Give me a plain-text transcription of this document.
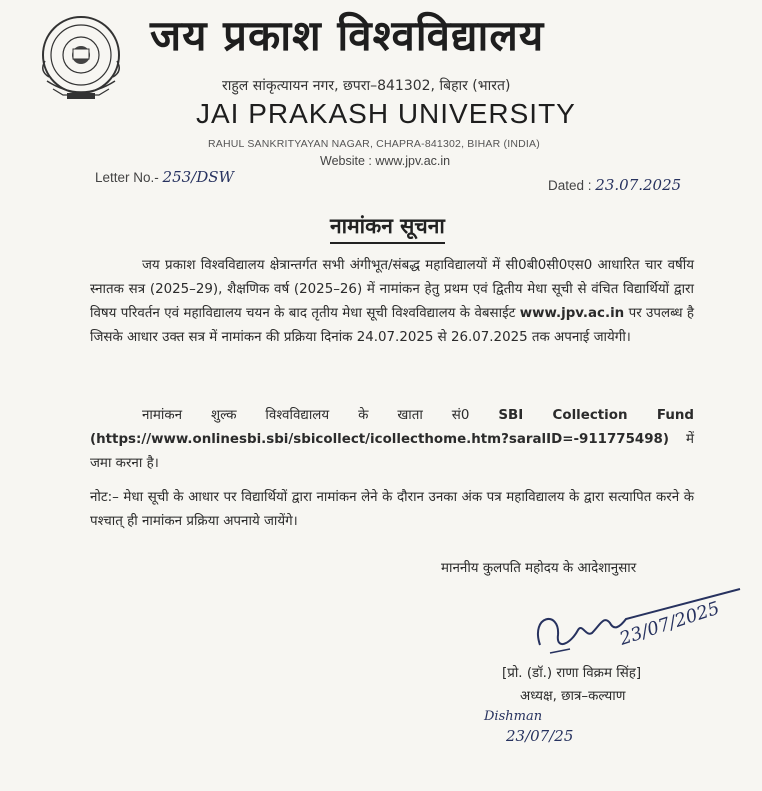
जय प्रकाश विश्वविद्यालय
राहुल सांकृत्यायन नगर, छपरा–841302, बिहार (भारत)
JAI PRAKASH UNIVERSITY
RAHUL SANKRITYAYAN NAGAR, CHAPRA-841302, BIHAR (INDIA)
Website : www.jpv.ac.in
Letter No.- 253/DSW	Dated : 23.07.2025
नामांकन सूचना
जय प्रकाश विश्वविद्यालय क्षेत्रान्तर्गत सभी अंगीभूत/संबद्ध महाविद्यालयों में सी0बी0सी0एस0 आधारित चार वर्षीय स्नातक सत्र (2025–29), शैक्षणिक वर्ष (2025–26) में नामांकन हेतु प्रथम एवं द्वितीय मेधा सूची से वंचित विद्यार्थियों द्वारा विषय परिवर्तन एवं महाविद्यालय चयन के बाद तृतीय मेधा सूची विश्वविद्यालय के वेबसाईट www.jpv.ac.in पर उपलब्ध है जिसके आधार उक्त सत्र में नामांकन की प्रक्रिया दिनांक 24.07.2025 से 26.07.2025 तक अपनाई जायेगी।
नामांकन शुल्क विश्वविद्यालय के खाता सं0 SBI Collection Fund (https://www.onlinesbi.sbi/sbicollect/icollecthome.htm?saralID=-911775498) में जमा करना है।
नोट:– मेधा सूची के आधार पर विद्यार्थियों द्वारा नामांकन लेने के दौरान उनका अंक पत्र महाविद्यालय के द्वारा सत्यापित करने के पश्चात् ही नामांकन प्रक्रिया अपनाये जायेंगे।
माननीय कुलपति महोदय के आदेशानुसार
23/07/2025
[प्रो. (डॉ.) राणा विक्रम सिंह]
अध्यक्ष, छात्र–कल्याण
Dishman
23/07/25
